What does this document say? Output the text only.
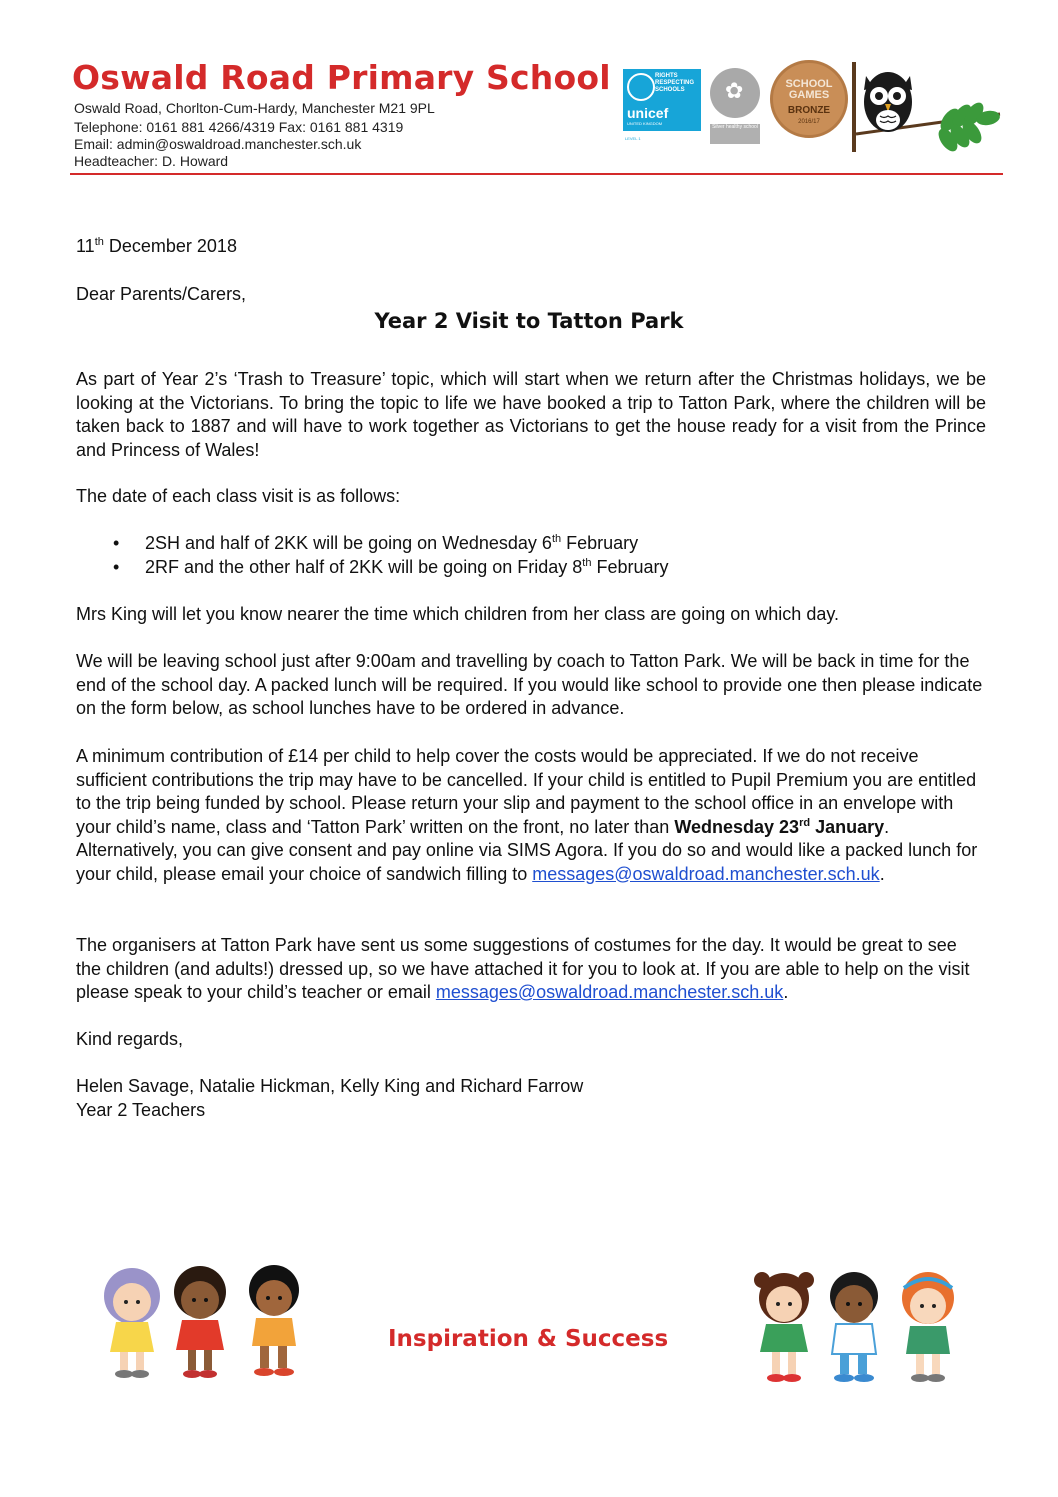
Oswald Road Primary School
Oswald Road, Chorlton-Cum-Hardy, Manchester M21 9PL
Telephone: 0161 881 4266/4319 Fax: 0161 881 4319
Email: admin@oswaldroad.manchester.sch.uk
Headteacher: D. Howard
RIGHTS RESPECTING SCHOOLS
unicef
UNITED KINGDOM
LEVEL 1
✿
Silver healthy school
SCHOOL GAMES
BRONZE
2016/17
11th December 2018
Dear Parents/Carers,
Year 2 Visit to Tatton Park
As part of Year 2’s ‘Trash to Treasure’ topic, which will start when we return after the Christmas holidays, we be looking at the Victorians. To bring the topic to life we have booked a trip to Tatton Park, where the children will be taken back to 1887 and will have to work together as Victorians to get the house ready for a visit from the Prince and Princess of Wales!
The date of each class visit is as follows:
• 2SH and half of 2KK will be going on Wednesday 6th February
• 2RF and the other half of 2KK will be going on Friday 8th February
Mrs King will let you know nearer the time which children from her class are going on which day.
We will be leaving school just after 9:00am and travelling by coach to Tatton Park. We will be back in time for the end of the school day. A packed lunch will be required. If you would like school to provide one then please indicate on the form below, as school lunches have to be ordered in advance.
A minimum contribution of £14 per child to help cover the costs would be appreciated. If we do not receive sufficient contributions the trip may have to be cancelled. If your child is entitled to Pupil Premium you are entitled to the trip being funded by school. Please return your slip and payment to the school office in an envelope with your child’s name, class and ‘Tatton Park’ written on the front, no later than Wednesday 23rd January. Alternatively, you can give consent and pay online via SIMS Agora. If you do so and would like a packed lunch for your child, please email your choice of sandwich filling to messages@oswaldroad.manchester.sch.uk.
The organisers at Tatton Park have sent us some suggestions of costumes for the day. It would be great to see the children (and adults!) dressed up, so we have attached it for you to look at. If you are able to help on the visit please speak to your child’s teacher or email messages@oswaldroad.manchester.sch.uk.
Kind regards,
Helen Savage, Natalie Hickman, Kelly King and Richard Farrow
Year 2 Teachers
Inspiration & Success
